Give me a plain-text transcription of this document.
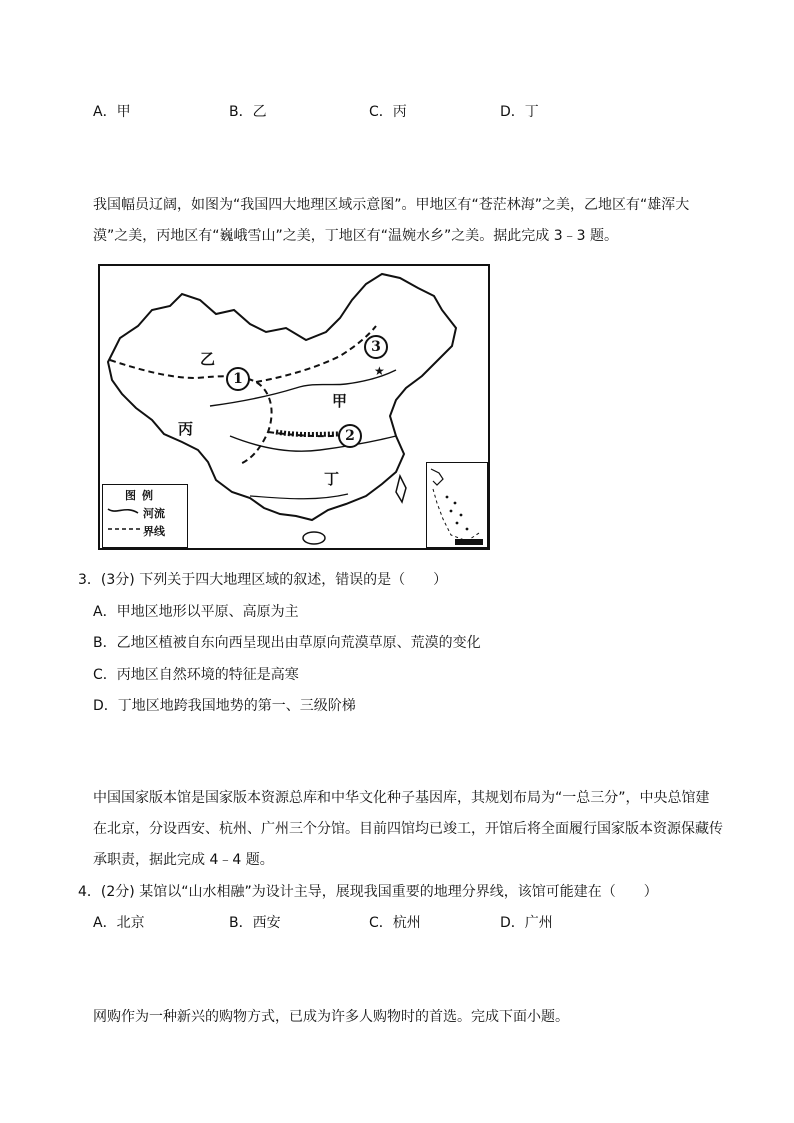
A．甲	B．乙	C．丙	D．丁
我国幅员辽阔，如图为“我国四大地理区域示意图”。甲地区有“苍茫林海”之美，乙地区有“雄浑大
漠”之美，丙地区有“巍峨雪山”之美，丁地区有“温婉水乡”之美。据此完成 3﹣3 题。
乙
丙
甲
丁
★
1
2
3
图例
河流
界线
3．(3分) 下列关于四大地理区域的叙述，错误的是（　　）
A．甲地区地形以平原、高原为主
B．乙地区植被自东向西呈现出由草原向荒漠草原、荒漠的变化
C．丙地区自然环境的特征是高寒
D．丁地区地跨我国地势的第一、三级阶梯
中国国家版本馆是国家版本资源总库和中华文化种子基因库，其规划布局为“一总三分”，中央总馆建
在北京，分设西安、杭州、广州三个分馆。目前四馆均已竣工，开馆后将全面履行国家版本资源保藏传
承职责，据此完成 4﹣4 题。
4．(2分) 某馆以“山水相融”为设计主导，展现我国重要的地理分界线，该馆可能建在（　　）
A．北京	B．西安	C．杭州	D．广州
网购作为一种新兴的购物方式，已成为许多人购物时的首选。完成下面小题。
